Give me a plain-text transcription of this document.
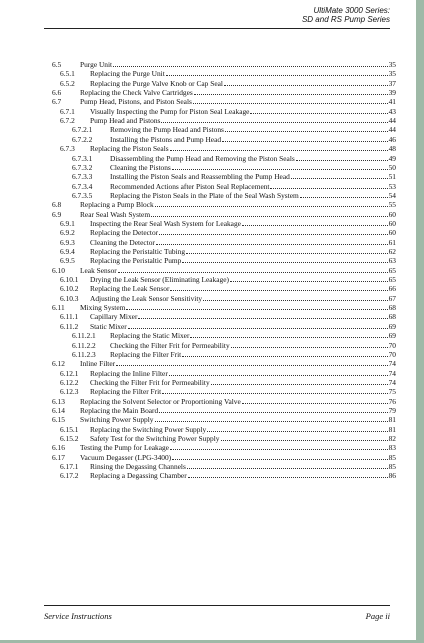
UltiMate 3000 Series:
SD and RS Pump Series
6.5	Purge Unit	35
6.5.1 Replacing the Purge Unit	35
6.5.2 Replacing the Purge Valve Knob or Cap Seal	37
6.6	Replacing the Check Valve Cartridges	39
6.7	Pump Head, Pistons, and Piston Seals	41
6.7.1 Visually Inspecting the Pump for Piston Seal Leakage	43
6.7.2 Pump Head and Pistons	44
6.7.2.1 Removing the Pump Head and Pistons	44
6.7.2.2 Installing the Pistons and Pump Head	46
6.7.3 Replacing the Piston Seals	48
6.7.3.1 Disassembling the Pump Head and Removing the Piston Seals	49
6.7.3.2 Cleaning the Pistons	50
6.7.3.3 Installing the Piston Seals and Reassembling the Pump Head	51
6.7.3.4 Recommended Actions after Piston Seal Replacement	53
6.7.3.5 Replacing the Piston Seals in the Plate of the Seal Wash System	54
6.8	Replacing a Pump Block	55
6.9	Rear Seal Wash System	60
6.9.1 Inspecting the Rear Seal Wash System for Leakage	60
6.9.2 Replacing the Detector	60
6.9.3 Cleaning the Detector	61
6.9.4 Replacing the Peristaltic Tubing	62
6.9.5 Replacing the Peristaltic Pump	63
6.10 Leak Sensor	65
6.10.1 Drying the Leak Sensor (Eliminating Leakage)	65
6.10.2 Replacing the Leak Sensor	66
6.10.3 Adjusting the Leak Sensor Sensitivity	67
6.11 Mixing System	68
6.11.1 Capillary Mixer	68
6.11.2 Static Mixer	69
6.11.2.1 Replacing the Static Mixer	69
6.11.2.2 Checking the Filter Frit for Permeability	70
6.11.2.3 Replacing the Filter Frit	70
6.12 Inline Filter	74
6.12.1 Replacing the Inline Filter	74
6.12.2 Checking the Filter Frit for Permeability	74
6.12.3 Replacing the Filter Frit	75
6.13 Replacing the Solvent Selector or Proportioning Valve	76
6.14 Replacing the Main Board	79
6.15 Switching Power Supply	81
6.15.1 Replacing the Switching Power Supply	81
6.15.2 Safety Test for the Switching Power Supply	82
6.16 Testing the Pump for Leakage	83
6.17 Vacuum Degasser (LPG-3400)	85
6.17.1 Rinsing the Degassing Channels	85
6.17.2 Replacing a Degassing Chamber	86
Service Instructions	Page ii
